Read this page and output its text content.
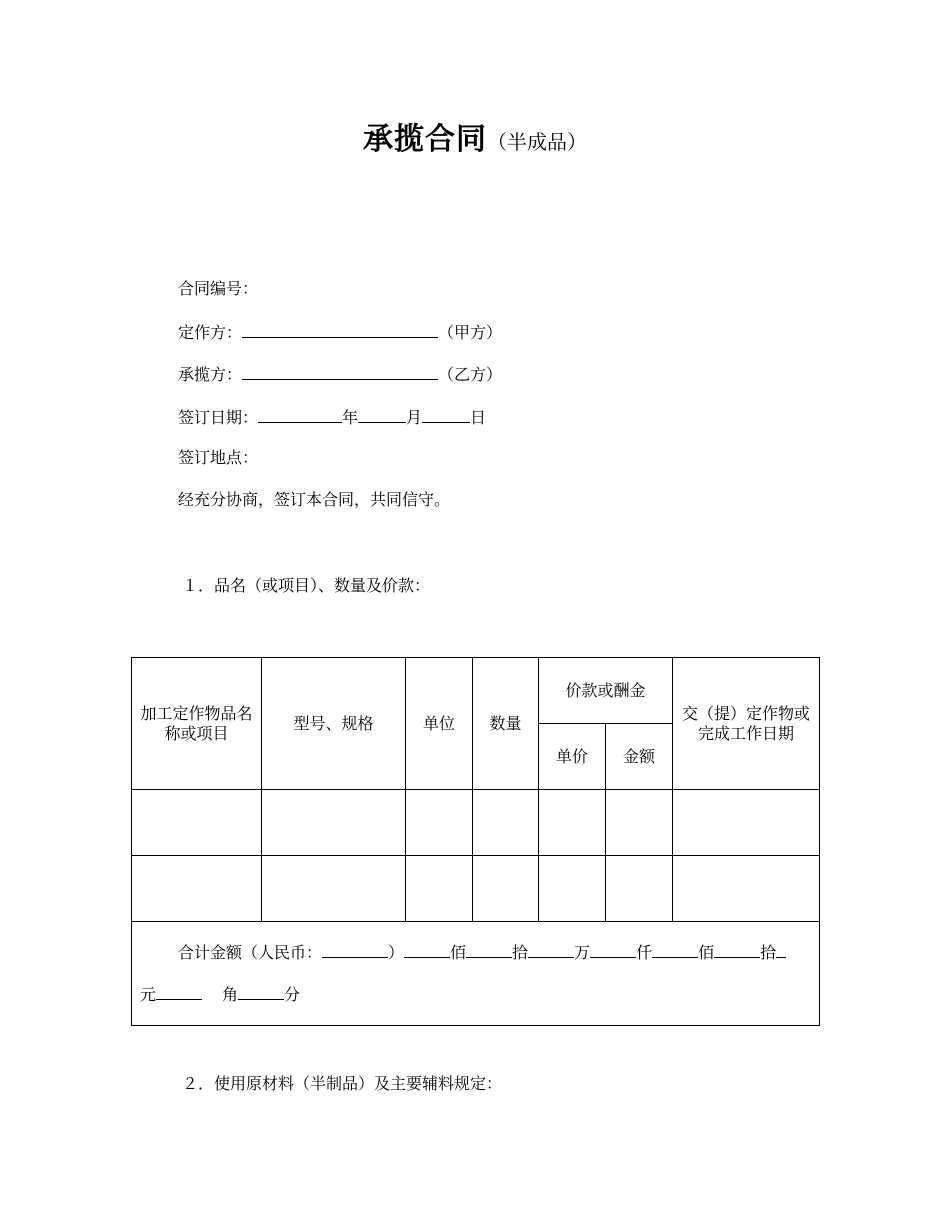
承揽合同（半成品）
合同编号：
定作方：	（甲方）
承揽方：	（乙方）
签订日期：	年	月	日
签订地点：
经充分协商，签订本合同，共同信守。
１．品名（或项目）、数量及价款：
加工定作物品名称或项目	型号、规格	单位	数量	价款或酬金		交（提）定作物或完成工作日期
				单价	金额	

合计金额（人民币： ） 佰 拾 万 仟 佰 拾
元 角 分						
２．使用原材料（半制品）及主要辅料规定：
